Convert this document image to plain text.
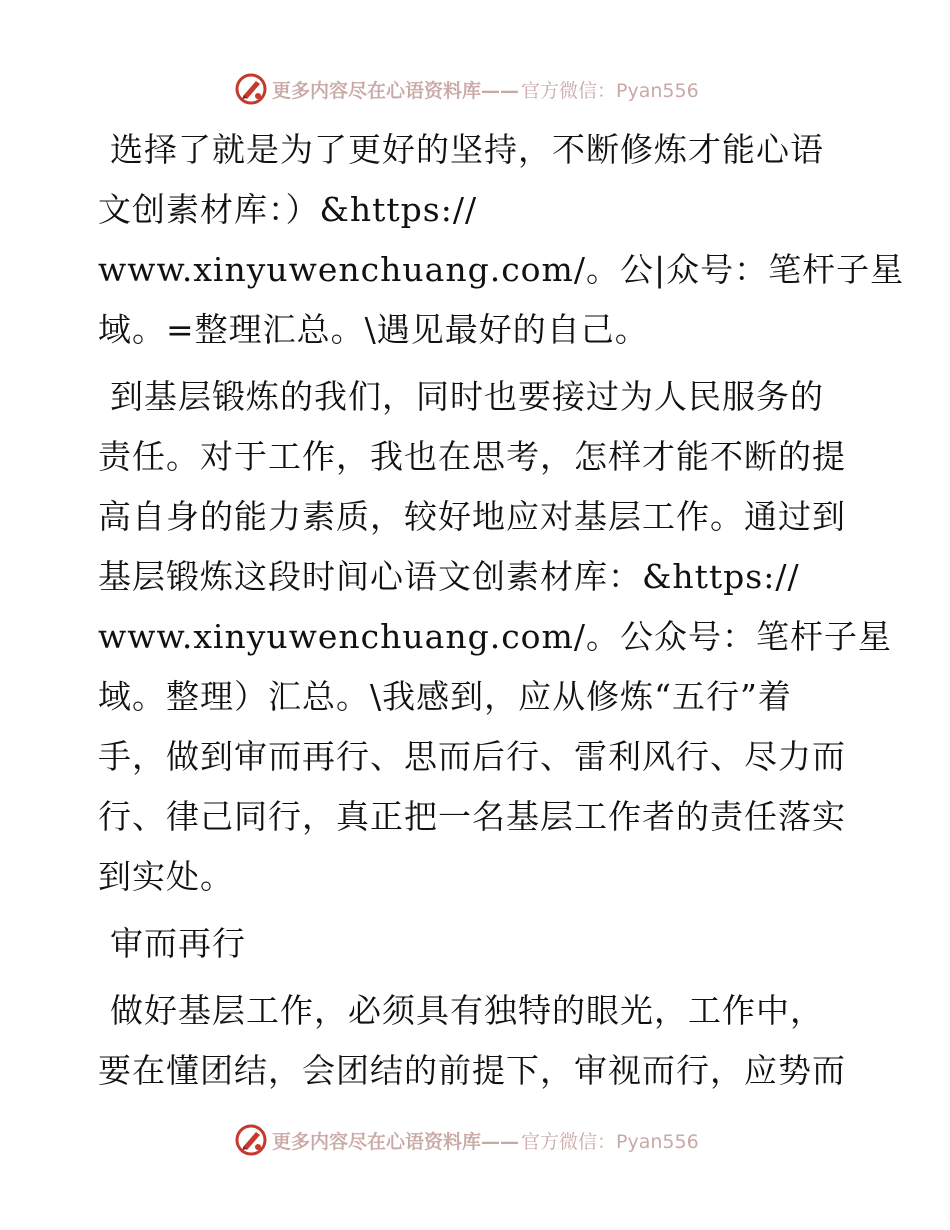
更多内容尽在心语资料库—— 官方微信：Pyan556
选择了就是为了更好的坚持，不断修炼才能心语
文创素材库：）&https://
www.xinyuwenchuang.com/。公|众号：笔杆子星
域。=整理汇总。\遇见最好的自己。
到基层锻炼的我们，同时也要接过为人民服务的
责任。对于工作，我也在思考，怎样才能不断的提
高自身的能力素质，较好地应对基层工作。通过到
基层锻炼这段时间心语文创素材库：&https://
www.xinyuwenchuang.com/。公众号：笔杆子星
域。整理）汇总。\我感到，应从修炼“五行”着
手，做到审而再行、思而后行、雷利风行、尽力而
行、律己同行，真正把一名基层工作者的责任落实
到实处。
审而再行
做好基层工作，必须具有独特的眼光，工作中，
要在懂团结，会团结的前提下，审视而行，应势而
更多内容尽在心语资料库—— 官方微信：Pyan556
